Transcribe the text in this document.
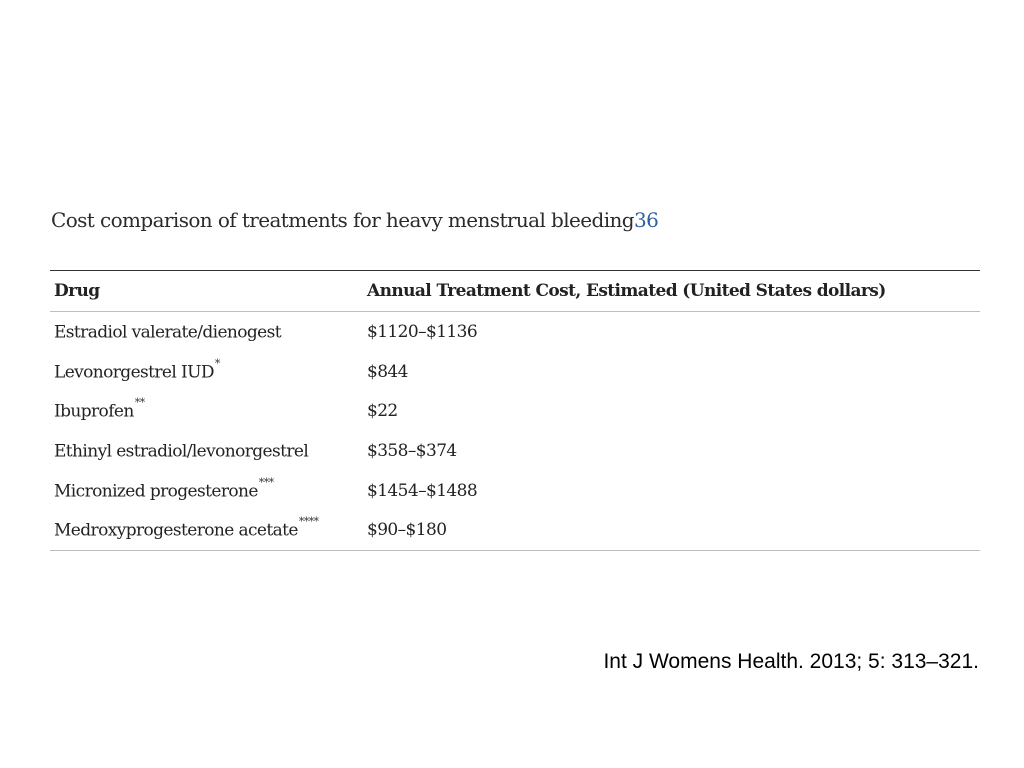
Cost comparison of treatments for heavy menstrual bleeding36
Drug	Annual Treatment Cost, Estimated (United States dollars)
Estradiol valerate/dienogest	$1120–$1136
Levonorgestrel IUD*	$844
Ibuprofen**	$22
Ethinyl estradiol/levonorgestrel	$358–$374
Micronized progesterone***	$1454–$1488
Medroxyprogesterone acetate****	$90–$180
Int J Womens Health. 2013; 5: 313–321.
